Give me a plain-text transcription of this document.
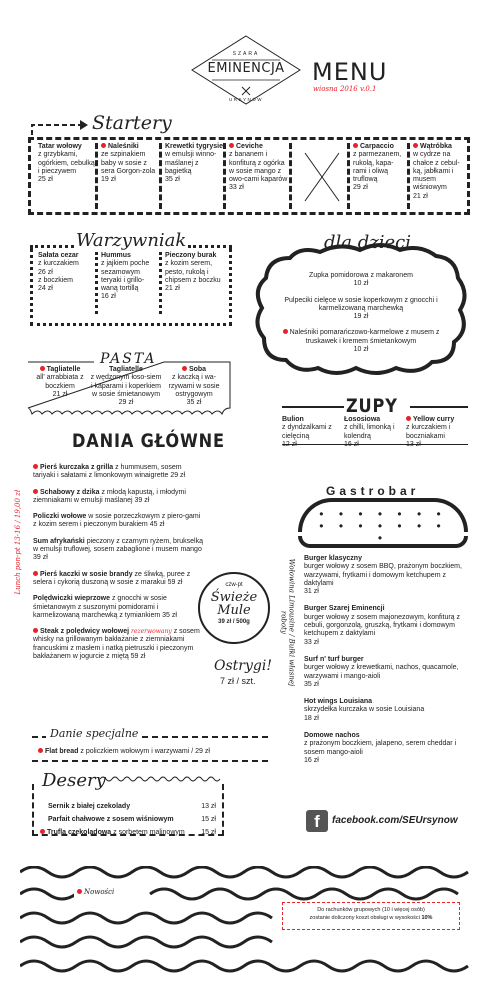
SZARA
EMINENCJA
URSYNÓW
MENU
wiosna 2016 v.0.1
Startery
Tatar wołowy
z grzybkami, ogórkiem, cebulką i pieczywem
25 zł
Naleśniki
ze szpinakiem baby w sosie z sera Gorgon-zola
19 zł
Krewetki tygrysie
w emulsji winno-maślanej z bagietką
35 zł
Ceviche
z bananem i konfiturą z ogórka w sosie mango z owo-cami kaparów
33 zł
Carpaccio
z parmezanem, rukolą, kapa-rami i oliwą truflową
29 zł
Wątróbka
w cydrze na chałce z cebul-ką, jabłkami i musem wiśniowym
21 zł
Warzywniak
Sałata cezar
z kurczakiem
26 zł
z boczkiem
24 zł
Hummus
z jajkiem poche sezamowym teryaki i grillo-waną tortillą
16 zł
Pieczony burak
z kozim serem, pesto, rukolą i chipsem z boczku
21 zł
dla dzieci
Zupka pomidorowa z makaronem
10 zł
Pulpeciki cielęce w sosie koperkowym z gnocchi i karmelizowaną marchewką
19 zł
Naleśniki pomarańczowo-karmelowe z musem z truskawek i kremem śmietankowym
10 zł
PASTA
Tagliatelle
all' arrabbiata z boczkiem
21 zł
Tagliatelle
z wędzonym łoso-siem i kaparami i koperkiem w sosie śmietanowym
29 zł
Soba
z kaczką i wa-rzywami w sosie ostrygowym
35 zł	ZUPY
Bulion
z dyndzalkami z cielęciną
12 zł
Łososiowa
z chilli, limonką i kolendrą
16 zł
Yellow curry
z kurczakiem i boczniakami
13 zł
DANIA GŁÓWNE
Lunch pon-pt 13-16 / 19,00 zł
Pierś kurczaka z grilla z hummusem, sosem tariyaki i sałatami z limonkowym winaigrette 29 zł
Schabowy z dzika z młodą kapustą, i młodymi ziemniakami w emulsji maślanej 39 zł
Policzki wołowe w sosie porzeczkowym z piero-gami z kozim serem i pieczonym burakiem 45 zł
Sum afrykański pieczony z czarnym ryżem, brukselką w emulsji truflowej, sosem zabaglione i musem mango 39 zł
Pierś kaczki w sosie brandy ze śliwką, puree z selera i cykorią duszoną w sosie z marakui 59 zł
Polędwiczki wieprzowe z gnocchi w sosie śmietanowym z suszonymi pomidorami i karmelizowaną marchewką z tymiankiem 35 zł
Steak z polędwicy wołowej rezerwowany z sosem whisky na grillowanym bakłażanie z ziemniakami francuskimi z masłem i natką pietruszki i pieczonym bakłażanem w jogurcie z miętą 59 zł
czw-pt
Świeże
Mule
39 zł / 500g
Ostrygi!
7 zł / szt.
Gastrobar
• • • • • • •
• • • • • • • •
Wołowina Limousine / Bułki własnej roboty
Burger klasyczny
burger wołowy z sosem BBQ, prażonym boczkiem, warzywami, frytkami i domowym ketchupem z daktylami
31 zł
Burger Szarej Eminencji
burger wołowy z sosem majonezowym, konfiturą z cebuli, gorgonzolą, gruszką, frytkami i domowym ketchupem z daktylami
33 zł
Surf n' turf burger
burger wołowy z krewetkami, nachos, quacamole, warzywami i mango-aioli
35 zł
Hot wings Louisiana
skrzydełka kurczaka w sosie Louisiana
18 zł
Domowe nachos
z prażonym boczkiem, jalapeno, serem cheddar i sosem mango-aioli
16 zł
Danie specjalne
Flat bread z policzkiem wołowym i warzywami / 29 zł
Desery
Sernik z białej czekolady	13 zł
Parfait chałwowe z sosem wiśniowym	15 zł
Trufla czekoladowa z sorbetem malinowym 15 zł
f	facebook.com/SEUrsynow
Nowości
Do rachunków grupowych (10 i więcej osób)
zostanie doliczony koszt obsługi w wysokości 10%
